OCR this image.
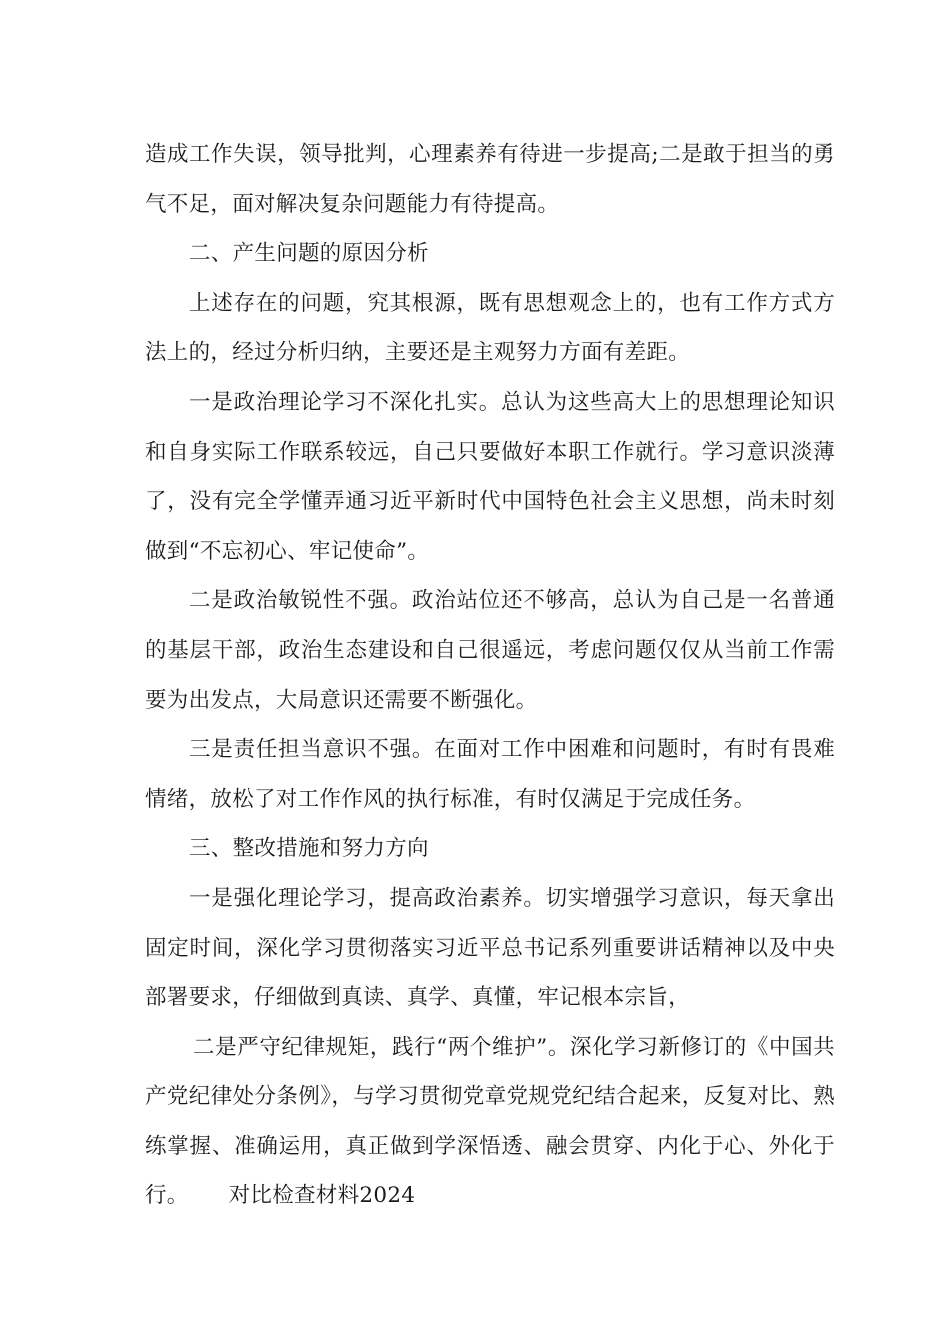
造成工作失误，领导批判，心理素养有待进一步提高;二是敢于担当的勇气不足，面对解决复杂问题能力有待提高。

二、产生问题的原因分析

上述存在的问题，究其根源，既有思想观念上的，也有工作方式方法上的，经过分析归纳，主要还是主观努力方面有差距。

一是政治理论学习不深化扎实。总认为这些高大上的思想理论知识和自身实际工作联系较远，自己只要做好本职工作就行。学习意识淡薄了，没有完全学懂弄通习近平新时代中国特色社会主义思想，尚未时刻做到“不忘初心、牢记使命”。

二是政治敏锐性不强。政治站位还不够高，总认为自己是一名普通的基层干部，政治生态建设和自己很遥远，考虑问题仅仅从当前工作需要为出发点，大局意识还需要不断强化。

三是责任担当意识不强。在面对工作中困难和问题时，有时有畏难情绪，放松了对工作作风的执行标准，有时仅满足于完成任务。

三、整改措施和努力方向

一是强化理论学习，提高政治素养。切实增强学习意识，每天拿出固定时间，深化学习贯彻落实习近平总书记系列重要讲话精神以及中央部署要求，仔细做到真读、真学、真懂，牢记根本宗旨，

二是严守纪律规矩，践行“两个维护”。深化学习新修订的《中国共产党纪律处分条例》，与学习贯彻党章党规党纪结合起来，反复对比、熟练掌握、准确运用，真正做到学深悟透、融会贯穿、内化于心、外化于行。 对比检查材料2024
